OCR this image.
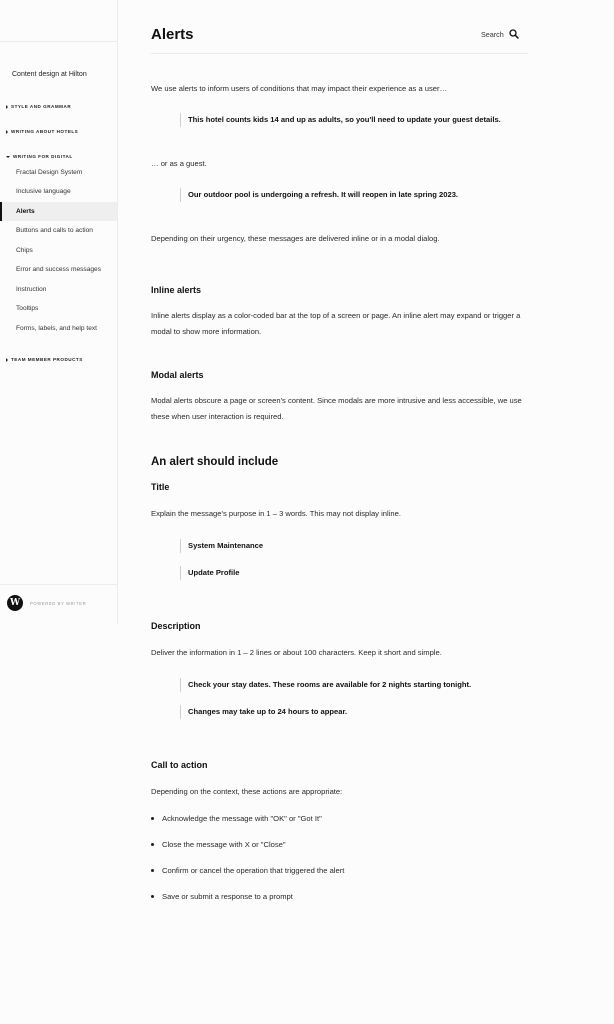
Content design at Hilton
STYLE AND GRAMMAR
WRITING ABOUT HOTELS
WRITING FOR DIGITAL
Fractal Design System
Inclusive language
Alerts
Buttons and calls to action
Chips
Error and success messages
Instruction
Tooltips
Forms, labels, and help text
TEAM MEMBER PRODUCTS
W	POWERED BY WRITER
Alerts	Search

We use alerts to inform users of conditions that may impact their experience as a user…

This hotel counts kids 14 and up as adults, so you'll need to update your guest details.

… or as a guest.

Our outdoor pool is undergoing a refresh. It will reopen in late spring 2023.

Depending on their urgency, these messages are delivered inline or in a modal dialog.

Inline alerts

Inline alerts display as a color-coded bar at the top of a screen or page. An inline alert may expand or trigger a modal to show more information.

Modal alerts

Modal alerts obscure a page or screen's content. Since modals are more intrusive and less accessible, we use these when user interaction is required.

An alert should include
Title

Explain the message's purpose in 1 – 3 words. This may not display inline.

System Maintenance
Update Profile
Description

Deliver the information in 1 – 2 lines or about 100 characters. Keep it short and simple.

Check your stay dates. These rooms are available for 2 nights starting tonight.
Changes may take up to 24 hours to appear.
Call to action

Depending on the context, these actions are appropriate:

Acknowledge the message with "OK" or "Got It"
Close the message with X or "Close"
Confirm or cancel the operation that triggered the alert
Save or submit a response to a prompt
